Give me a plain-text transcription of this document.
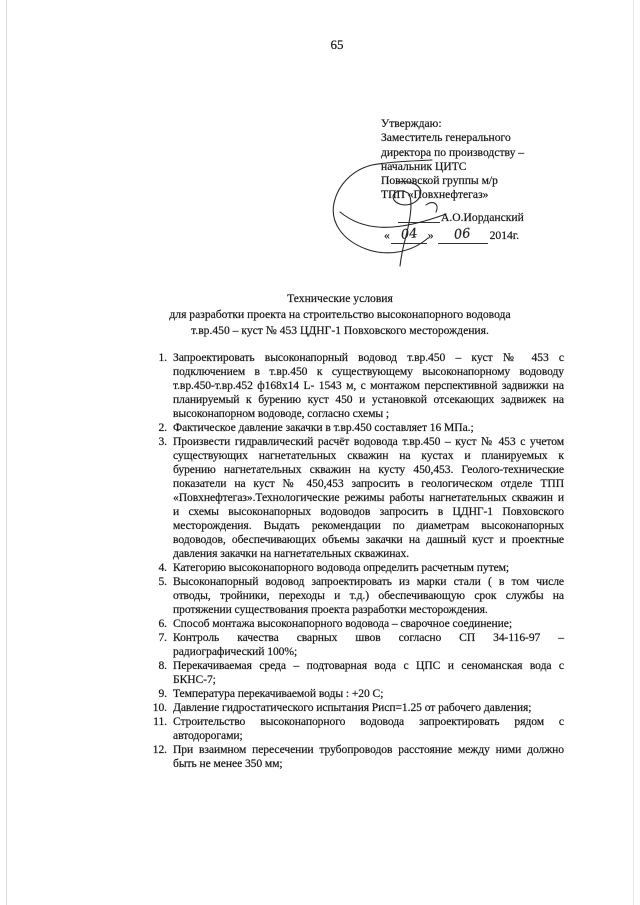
65
Утверждаю:
Заместитель генерального
директора по производству –
начальник ЦИТС
Повховской группы м/р
ТПП «Повхнефтегаз»
А.О.Иорданский
« 04 » 06 2014г.
Технические условия
для разработки проекта на строительство высоконапорного водовода
т.вр.450 – куст № 453 ЦДНГ-1 Повховского месторождения.
1. Запроектировать высоконапорный водовод т.вр.450 – куст № 453 с
подключением в т.вр.450 к существующему высоконапорному водоводу
т.вр.450-т.вр.452 ф168х14 L- 1543 м, с монтажом перспективной задвижки на
планируемый к бурению куст 450 и установкой отсекающих задвижек на
высоконапорном водоводе, согласно схемы ;
2. Фактическое давление закачки в т.вр.450 составляет 16 МПа.;
3. Произвести гидравлический расчёт водовода т.вр.450 – куст № 453 с учетом
существующих нагнетательных скважин на кустах и планируемых к
бурению нагнетательных скважин на кусту 450,453. Геолого-технические
показатели на куст № 450,453 запросить в геологическом отделе ТПП
«Повхнефтегаз».Технологические режимы работы нагнетательных скважин и
и схемы высоконапорных водоводов запросить в ЦДНГ-1 Повховского
месторождения. Выдать рекомендации по диаметрам высоконапорных
водоводов, обеспечивающих объемы закачки на дашный куст и проектные
давления закачки на нагнетательных скважинах.
4. Категорию высоконапорного водовода определить расчетным путем;
5. Высоконапорный водовод запроектировать из марки стали ( в том числе
отводы, тройники, переходы и т.д.) обеспечивающую срок службы на
протяжении существования проекта разработки месторождения.
6. Способ монтажа высоконапорного водовода – сварочное соединение;
7. Контроль качества сварных швов согласно СП 34-116-97 –
радиографический 100%;
8. Перекачиваемая среда – подтоварная вода с ЦПС и сеноманская вода с
БКНС-7;
9. Температура перекачиваемой воды : +20 С;
10. Давление гидростатического испытания Рисп=1.25 от рабочего давления;
11. Строительство высоконапорного водовода запроектировать рядом с
автодорогами;
12. При взаимном пересечении трубопроводов расстояние между ними должно
быть не менее 350 мм;
